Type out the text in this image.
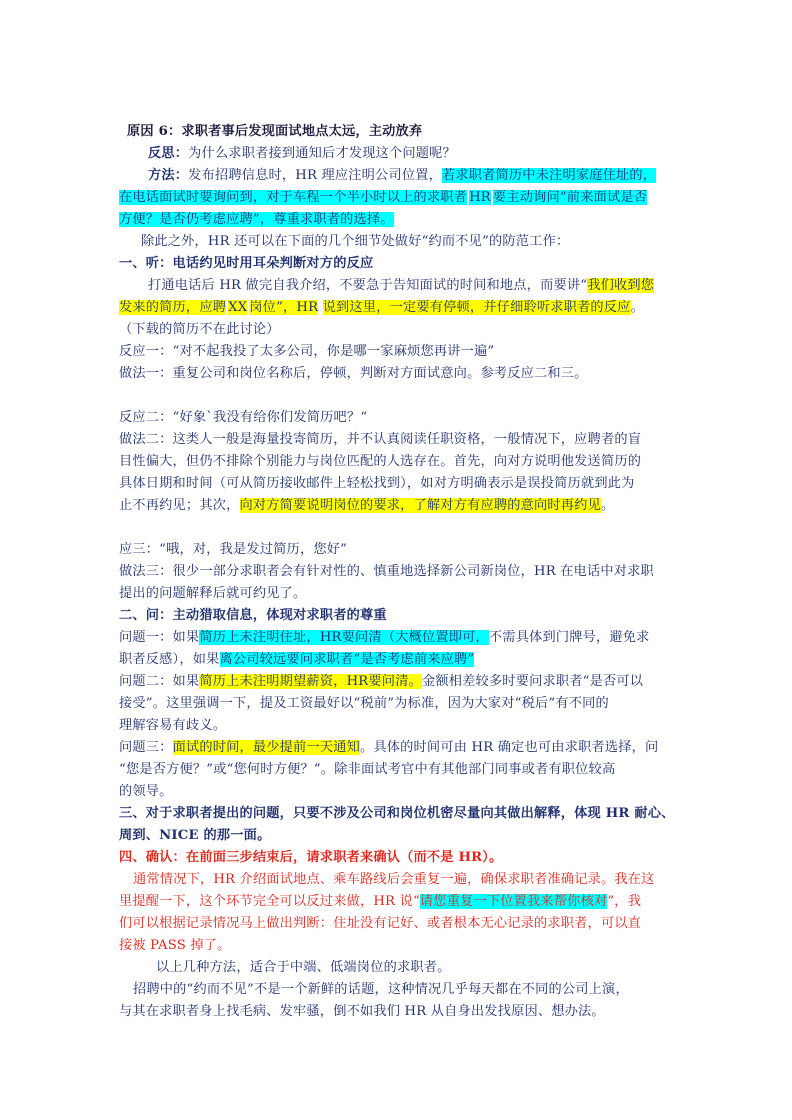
原因 6：求职者事后发现面试地点太远，主动放弃
反思：为什么求职者接到通知后才发现这个问题呢？
方法：发布招聘信息时，HR 理应注明公司位置，若求职者简历中未注明家庭住址的，
在电话面试时要询问到，对于车程一个半小时以上的求职者 HR 要主动询问“前来面试是否
方便？是否仍考虑应聘”，尊重求职者的选择。
除此之外，HR 还可以在下面的几个细节处做好“约而不见”的防范工作：
一、听：电话约见时用耳朵判断对方的反应
打通电话后 HR 做完自我介绍，不要急于告知面试的时间和地点，而要讲“我们收到您
发来的简历，应聘 XX 岗位”，HR 说到这里，一定要有停顿，并仔细聆听求职者的反应。
（下载的简历不在此讨论）
反应一：“对不起我投了太多公司，你是哪一家麻烦您再讲一遍”
做法一：重复公司和岗位名称后，停顿，判断对方面试意向。参考反应二和三。
反应二：“好象`我没有给你们发简历吧？“
做法二：这类人一般是海量投寄简历，并不认真阅读任职资格，一般情况下，应聘者的盲
目性偏大，但仍不排除个别能力与岗位匹配的人选存在。首先，向对方说明他发送简历的
具体日期和时间（可从简历接收邮件上轻松找到），如对方明确表示是误投简历就到此为
止不再约见；其次，向对方简要说明岗位的要求，了解对方有应聘的意向时再约见。
应三：“哦，对，我是发过简历，您好”
做法三：很少一部分求职者会有针对性的、慎重地选择新公司新岗位，HR 在电话中对求职
提出的问题解释后就可约见了。
二、问：主动猎取信息，体现对求职者的尊重
问题一：如果简历上未注明住址，HR要问清（大概位置即可，不需具体到门牌号，避免求
职者反感），如果离公司较远要问求职者“是否考虑前来应聘”
问题二：如果简历上未注明期望薪资，HR要问清。金额相差较多时要问求职者“是否可以
接受”。这里强调一下，提及工资最好以“税前”为标准，因为大家对“税后”有不同的
理解容易有歧义。
问题三：面试的时间，最少提前一天通知。具体的时间可由 HR 确定也可由求职者选择，问
“您是否方便？”或“您何时方便？”。除非面试考官中有其他部门同事或者有职位较高
的领导。
三、对于求职者提出的问题，只要不涉及公司和岗位机密尽量向其做出解释，体现 HR 耐心、
周到、NICE 的那一面。
四、确认：在前面三步结束后，请求职者来确认（而不是 HR）。
通常情况下，HR 介绍面试地点、乘车路线后会重复一遍，确保求职者准确记录。我在这
里提醒一下，这个环节完全可以反过来做，HR 说“请您重复一下位置我来帮你核对”，我
们可以根据记录情况马上做出判断：住址没有记好、或者根本无心记录的求职者，可以直
接被 PASS 掉了。
以上几种方法，适合于中端、低端岗位的求职者。
招聘中的“约而不见”不是一个新鲜的话题，这种情况几乎每天都在不同的公司上演，
与其在求职者身上找毛病、发牢骚，倒不如我们 HR 从自身出发找原因、想办法。
